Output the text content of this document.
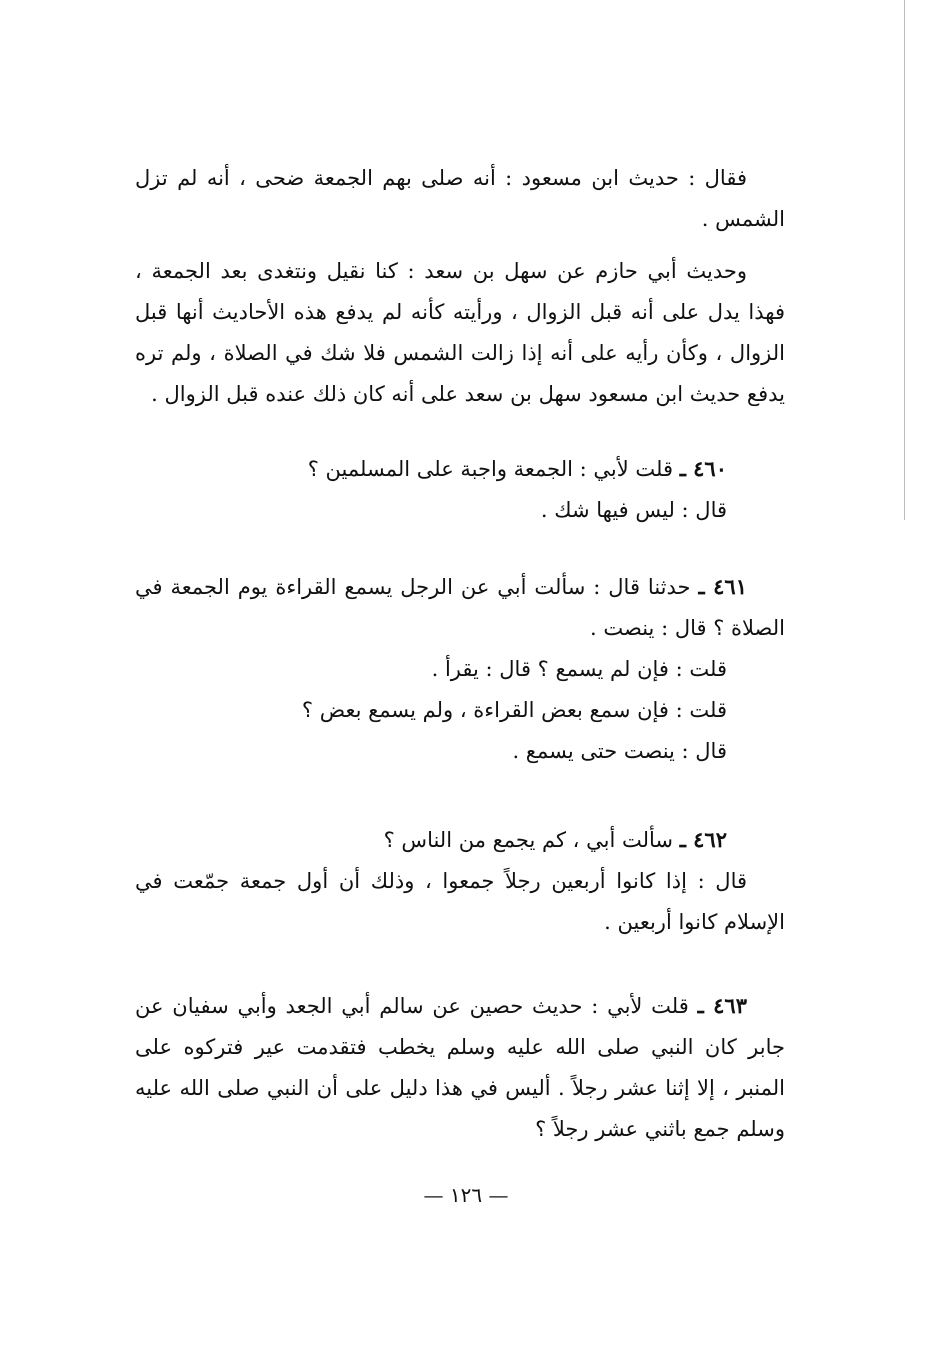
فقال : حديث ابن مسعود : أنه صلى بهم الجمعة ضحى ، أنه لم تزل الشمس .

وحديث أبي حازم عن سهل بن سعد : كنا نقيل ونتغدى بعد الجمعة ، فهذا يدل على أنه قبل الزوال ، ورأيته كأنه لم يدفع هذه الأحاديث أنها قبل الزوال ، وكأن رأيه على أنه إذا زالت الشمس فلا شك في الصلاة ، ولم تره يدفع حديث ابن مسعود سهل بن سعد على أنه كان ذلك عنده قبل الزوال .

٤٦٠ ـ قلت لأبي : الجمعة واجبة على المسلمين ؟

قال : ليس فيها شك .

٤٦١ ـ حدثنا قال : سألت أبي عن الرجل يسمع القراءة يوم الجمعة في الصلاة ؟ قال : ينصت .

قلت : فإن لم يسمع ؟ قال : يقرأ .

قلت : فإن سمع بعض القراءة ، ولم يسمع بعض ؟

قال : ينصت حتى يسمع .

٤٦٢ ـ سألت أبي ، كم يجمع من الناس ؟

قال : إذا كانوا أربعين رجلاً جمعوا ، وذلك أن أول جمعة جمّعت في الإسلام كانوا أربعين .

٤٦٣ ـ قلت لأبي : حديث حصين عن سالم أبي الجعد وأبي سفيان عن جابر كان النبي صلى الله عليه وسلم يخطب فتقدمت عير فتركوه على المنبر ، إلا إثنا عشر رجلاً . أليس في هذا دليل على أن النبي صلى الله عليه وسلم جمع باثني عشر رجلاً ؟

— ١٢٦ —
